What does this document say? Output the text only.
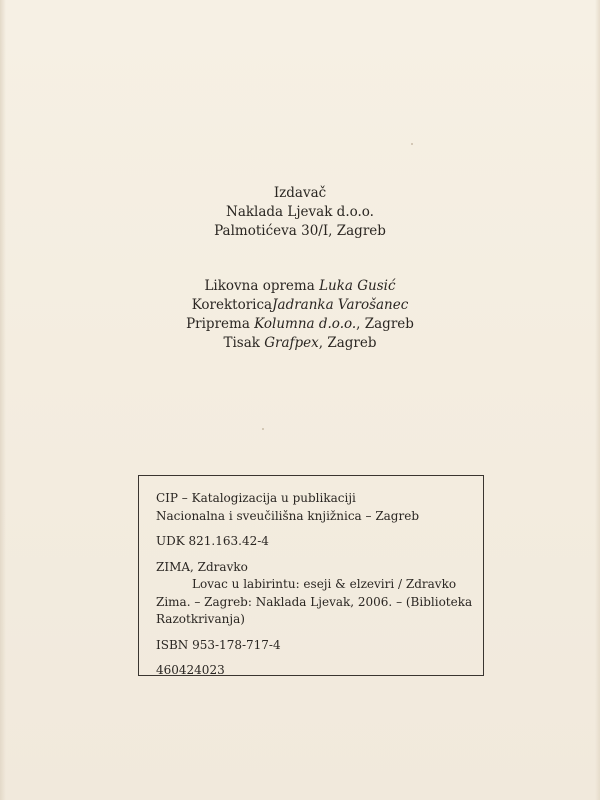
Izdavač
Naklada Ljevak d.o.o.
Palmotićeva 30/I, Zagreb
Likovna oprema Luka Gusić
KorektoricaJadranka Varošanec
Priprema Kolumna d.o.o., Zagreb
Tisak Grafpex, Zagreb
CIP – Katalogizacija u publikaciji
Nacionalna i sveučilišna knjižnica – Zagreb
UDK 821.163.42-4
ZIMA, Zdravko
Lovac u labirintu: eseji & elzeviri / Zdravko
Zima. – Zagreb: Naklada Ljevak, 2006. – (Biblioteka
Razotkrivanja)
ISBN 953-178-717-4
460424023
